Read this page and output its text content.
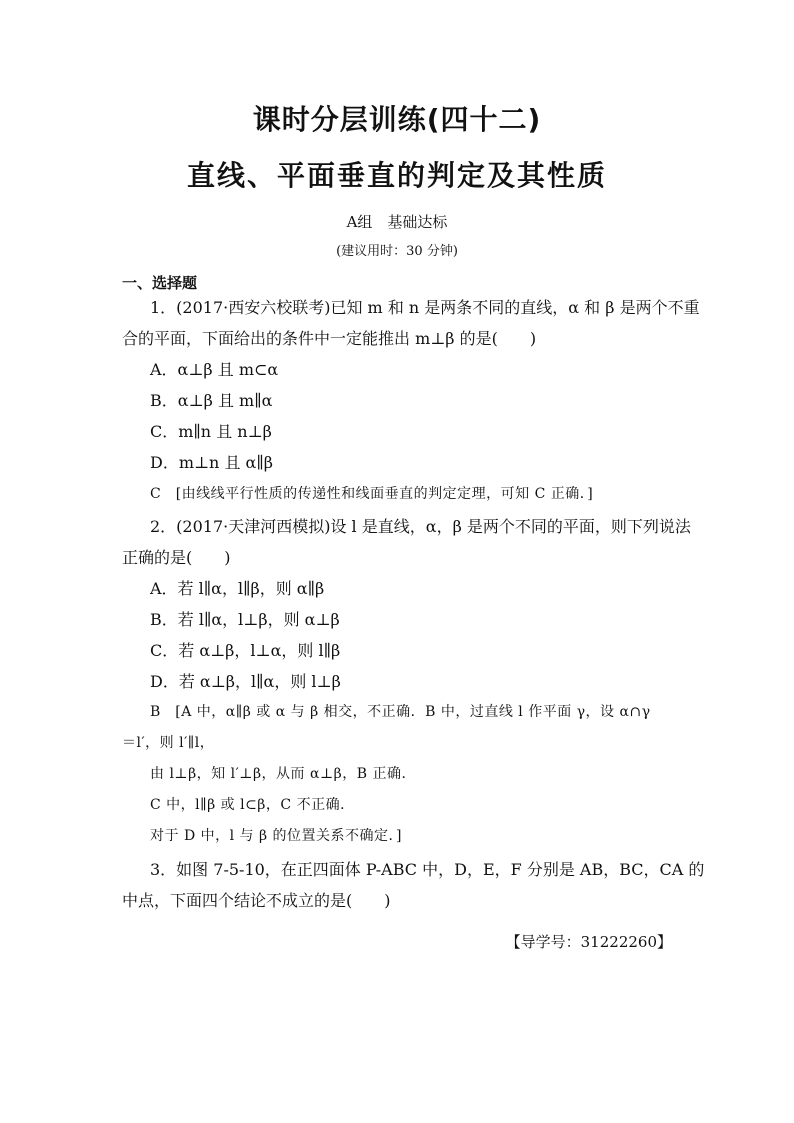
课时分层训练(四十二)
直线、平面垂直的判定及其性质
A组　基础达标
(建议用时：30 分钟)
一、选择题
1．(2017·西安六校联考)已知 m 和 n 是两条不同的直线，α 和 β 是两个不重
合的平面，下面给出的条件中一定能推出 m⊥β 的是(　　)
A．α⊥β 且 m⊂α
B．α⊥β 且 m∥α
C．m∥n 且 n⊥β
D．m⊥n 且 α∥β
C　[由线线平行性质的传递性和线面垂直的判定定理，可知 C 正确．]
2．(2017·天津河西模拟)设 l 是直线，α，β 是两个不同的平面，则下列说法
正确的是(　　)
A．若 l∥α，l∥β，则 α∥β
B．若 l∥α，l⊥β，则 α⊥β
C．若 α⊥β，l⊥α，则 l∥β
D．若 α⊥β，l∥α，则 l⊥β
B　[A 中，α∥β 或 α 与 β 相交，不正确．B 中，过直线 l 作平面 γ，设 α∩γ
＝l′，则 l′∥l，
由 l⊥β，知 l′⊥β，从而 α⊥β，B 正确．
C 中，l∥β 或 l⊂β，C 不正确．
对于 D 中，l 与 β 的位置关系不确定．]
3．如图 7-5-10，在正四面体 P-ABC 中，D，E，F 分别是 AB，BC，CA 的
中点，下面四个结论不成立的是(　　)
【导学号：31222260】
